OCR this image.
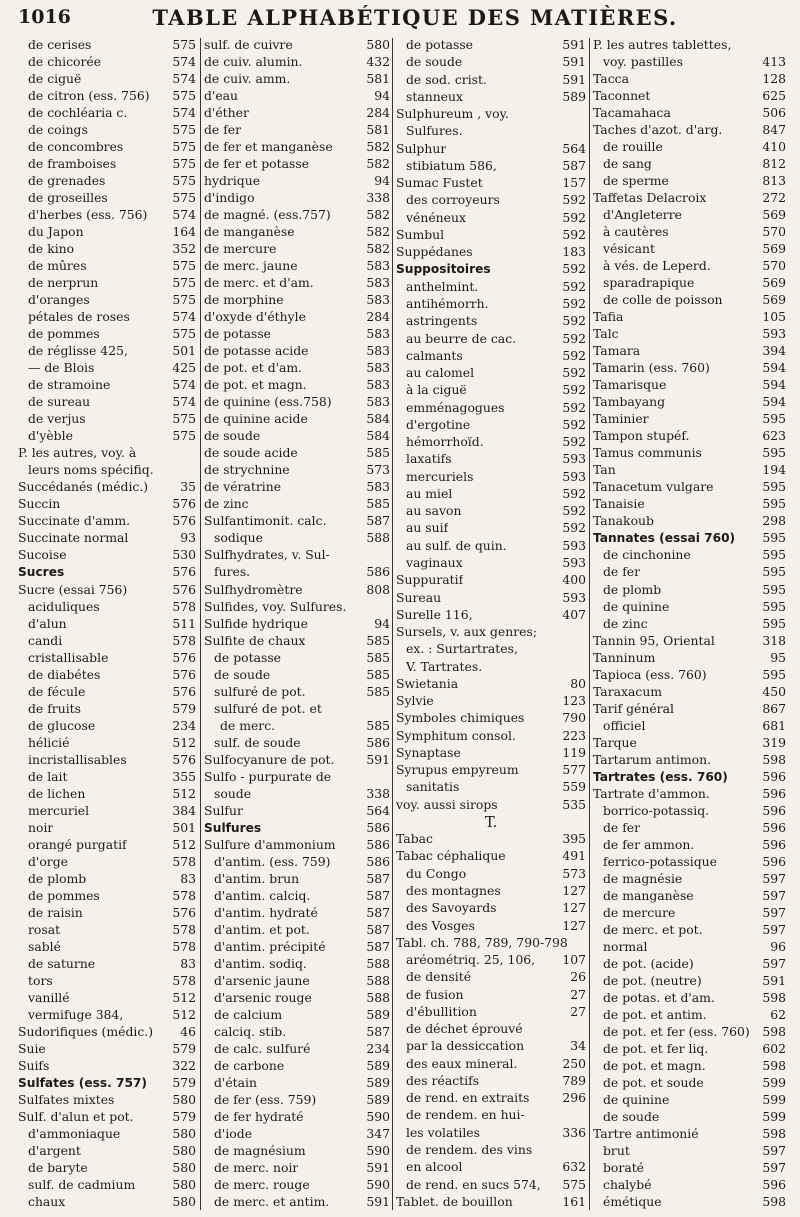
1016	TABLE ALPHABÉTIQUE DES MATIÈRES.
de cerises	575
de chicorée	574
de ciguë	574
de citron (ess. 756)	575
de cochléaria c.	574
de coings	575
de concombres	575
de framboises	575
de grenades	575
de groseilles	575
d'herbes (ess. 756)	574
du Japon	164
de kino	352
de mûres	575
de nerprun	575
d'oranges	575
pétales de roses	574
de pommes	575
de réglisse 425,	501
— de Blois	425
de stramoine	574
de sureau	574
de verjus	575
d'yèble	575
P. les autres, voy. à
leurs noms spécifiq.
Succédanés (médic.)	35
Succin	576
Succinate d'amm.	576
Succinate normal	93
Sucoise	530
Sucres	576
Sucre (essai 756)	576
aciduliques	578
d'alun	511
candi	578
cristallisable	576
de diabétes	576
de fécule	576
de fruits	579
de glucose	234
hélicié	512
incristallisables	576
de lait	355
de lichen	512
mercuriel	384
noir	501
orangé purgatif	512
d'orge	578
de plomb	83
de pommes	578
de raisin	576
rosat	578
sablé	578
de saturne	83
tors	578
vanillé	512
vermifuge 384,	512
Sudorifiques (médic.)	46
Suie	579
Suifs	322
Sulfates (ess. 757)	579
Sulfates mixtes	580
Sulf. d'alun et pot.	579
d'ammoniaque	580
d'argent	580
de baryte	580
sulf. de cadmium	580
chaux	580
sulf. de cuivre	580
de cuiv. alumin.	432
de cuiv. amm.	581
d'eau	94
d'éther	284
de fer	581
de fer et manganèse	582
de fer et potasse	582
hydrique	94
d'indigo	338
de magné. (ess.757)	582
de manganèse	582
de mercure	582
de merc. jaune	583
de merc. et d'am.	583
de morphine	583
d'oxyde d'éthyle	284
de potasse	583
de potasse acide	583
de pot. et d'am.	583
de pot. et magn.	583
de quinine (ess.758)	583
de quinine acide	584
de soude	584
de soude acide	585
de strychnine	573
de vératrine	583
de zinc	585
Sulfantimonit. calc.	587
sodique	588
Sulfhydrates, v. Sul-
fures.	586
Sulfhydromètre	808
Sulfides, voy. Sulfures.
Sulfide hydrique	94
Sulfite de chaux	585
de potasse	585
de soude	585
sulfuré de pot.	585
sulfuré de pot. et
de merc.	585
sulf. de soude	586
Sulfocyanure de pot.	591
Sulfo - purpurate de
soude	338
Sulfur	564
Sulfures	586
Sulfure d'ammonium	586
d'antim. (ess. 759)	586
d'antim. brun	587
d'antim. calciq.	587
d'antim. hydraté	587
d'antim. et pot.	587
d'antim. précipité	587
d'antim. sodiq.	588
d'arsenic jaune	588
d'arsenic rouge	588
de calcium	589
calciq. stib.	587
de calc. sulfuré	234
de carbone	589
d'étain	589
de fer (ess. 759)	589
de fer hydraté	590
d'iode	347
de magnésium	590
de merc. noir	591
de merc. rouge	590
de merc. et antim.	591
de potasse	591
de soude	591
de sod. crist.	591
stanneux	589
Sulphureum , voy.
Sulfures.
Sulphur	564
stibiatum 586,	587
Sumac Fustet	157
des corroyeurs	592
vénéneux	592
Sumbul	592
Suppédanes	183
Suppositoires	592
anthelmint.	592
antihémorrh.	592
astringents	592
au beurre de cac.	592
calmants	592
au calomel	592
à la ciguë	592
emménagogues	592
d'ergotine	592
hémorrhoïd.	592
laxatifs	593
mercuriels	593
au miel	592
au savon	592
au suif	592
au sulf. de quin.	593
vaginaux	593
Suppuratif	400
Sureau	593
Surelle 116,	407
Sursels, v. aux genres;
ex. : Surtartrates,
V. Tartrates.
Swietania	80
Sylvie	123
Symboles chimiques	790
Symphitum consol.	223
Synaptase	119
Syrupus empyreum	577
sanitatis	559
voy. aussi sirops	535
T.
Tabac	395
Tabac céphalique	491
du Congo	573
des montagnes	127
des Savoyards	127
des Vosges	127
Tabl. ch. 788, 789, 790-798
aréométriq. 25, 106,	107
de densité	26
de fusion	27
d'ébullition	27
de déchet éprouvé
par la dessiccation	34
des eaux mineral.	250
des réactifs	789
de rend. en extraits	296
de rendem. en hui-
les volatiles	336
de rendem. des vins
en alcool	632
de rend. en sucs 574,	575
Tablet. de bouillon	161
P. les autres tablettes,
voy. pastilles	413
Tacca	128
Taconnet	625
Tacamahaca	506
Taches d'azot. d'arg.	847
de rouille	410
de sang	812
de sperme	813
Taffetas Delacroix	272
d'Angleterre	569
à cautères	570
vésicant	569
à vés. de Leperd.	570
sparadrapique	569
de colle de poisson	569
Tafia	105
Talc	593
Tamara	394
Tamarin (ess. 760)	594
Tamarisque	594
Tambayang	594
Taminier	595
Tampon stupéf.	623
Tamus communis	595
Tan	194
Tanacetum vulgare	595
Tanaisie	595
Tanakoub	298
Tannates (essai 760)	595
de cinchonine	595
de fer	595
de plomb	595
de quinine	595
de zinc	595
Tannin 95, Oriental	318
Tanninum	95
Tapioca (ess. 760)	595
Taraxacum	450
Tarif général	867
officiel	681
Tarque	319
Tartarum antimon.	598
Tartrates (ess. 760)	596
Tartrate d'ammon.	596
borrico-potassiq.	596
de fer	596
de fer ammon.	596
ferrico-potassique	596
de magnésie	597
de manganèse	597
de mercure	597
de merc. et pot.	597
normal	96
de pot. (acide)	597
de pot. (neutre)	591
de potas. et d'am.	598
de pot. et antim.	62
de pot. et fer (ess. 760)	598
de pot. et fer liq.	602
de pot. et magn.	598
de pot. et soude	599
de quinine	599
de soude	599
Tartre antimonié	598
brut	597
boraté	597
chalybé	596
émétique	598
